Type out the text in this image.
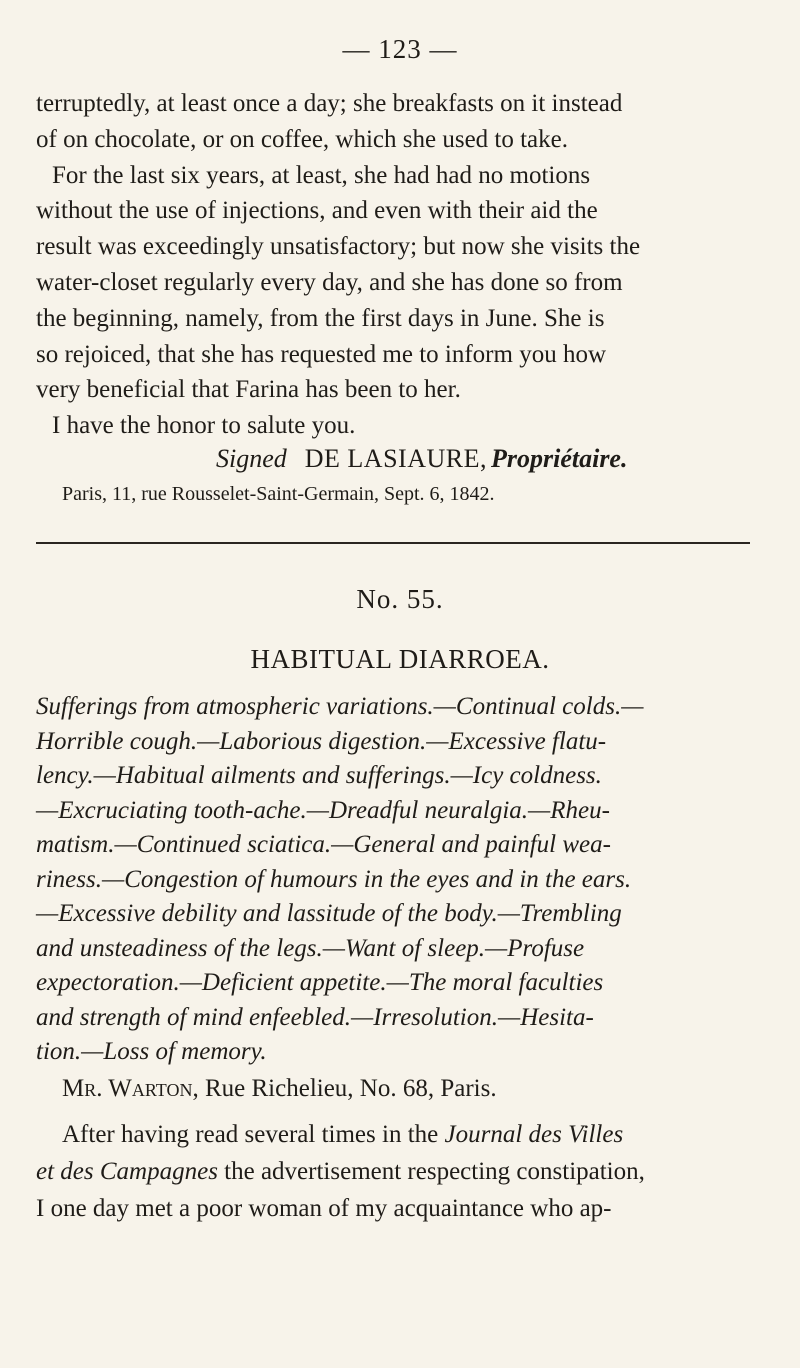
— 123 —
terruptedly, at least once a day; she breakfasts on it instead
of on chocolate, or on coffee, which she used to take.
For the last six years, at least, she had had no motions
without the use of injections, and even with their aid the
result was exceedingly unsatisfactory; but now she visits the
water-closet regularly every day, and she has done so from
the beginning, namely, from the first days in June. She is
so rejoiced, that she has requested me to inform you how
very beneficial that Farina has been to her.
I have the honor to salute you.
Signed DE LASIAURE, Propriétaire.
Paris, 11, rue Rousselet-Saint-Germain, Sept. 6, 1842.
No. 55.
HABITUAL DIARROEA.
Sufferings from atmospheric variations.—Continual colds.—
Horrible cough.—Laborious digestion.—Excessive flatu-
lency.—Habitual ailments and sufferings.—Icy coldness.
—Excruciating tooth-ache.—Dreadful neuralgia.—Rheu-
matism.—Continued sciatica.—General and painful wea-
riness.—Congestion of humours in the eyes and in the ears.
—Excessive debility and lassitude of the body.—Trembling
and unsteadiness of the legs.—Want of sleep.—Profuse
expectoration.—Deficient appetite.—The moral faculties
and strength of mind enfeebled.—Irresolution.—Hesita-
tion.—Loss of memory.
Mr. Warton, Rue Richelieu, No. 68, Paris.
After having read several times in the Journal des Villes
et des Campagnes the advertisement respecting constipation,
I one day met a poor woman of my acquaintance who ap-
